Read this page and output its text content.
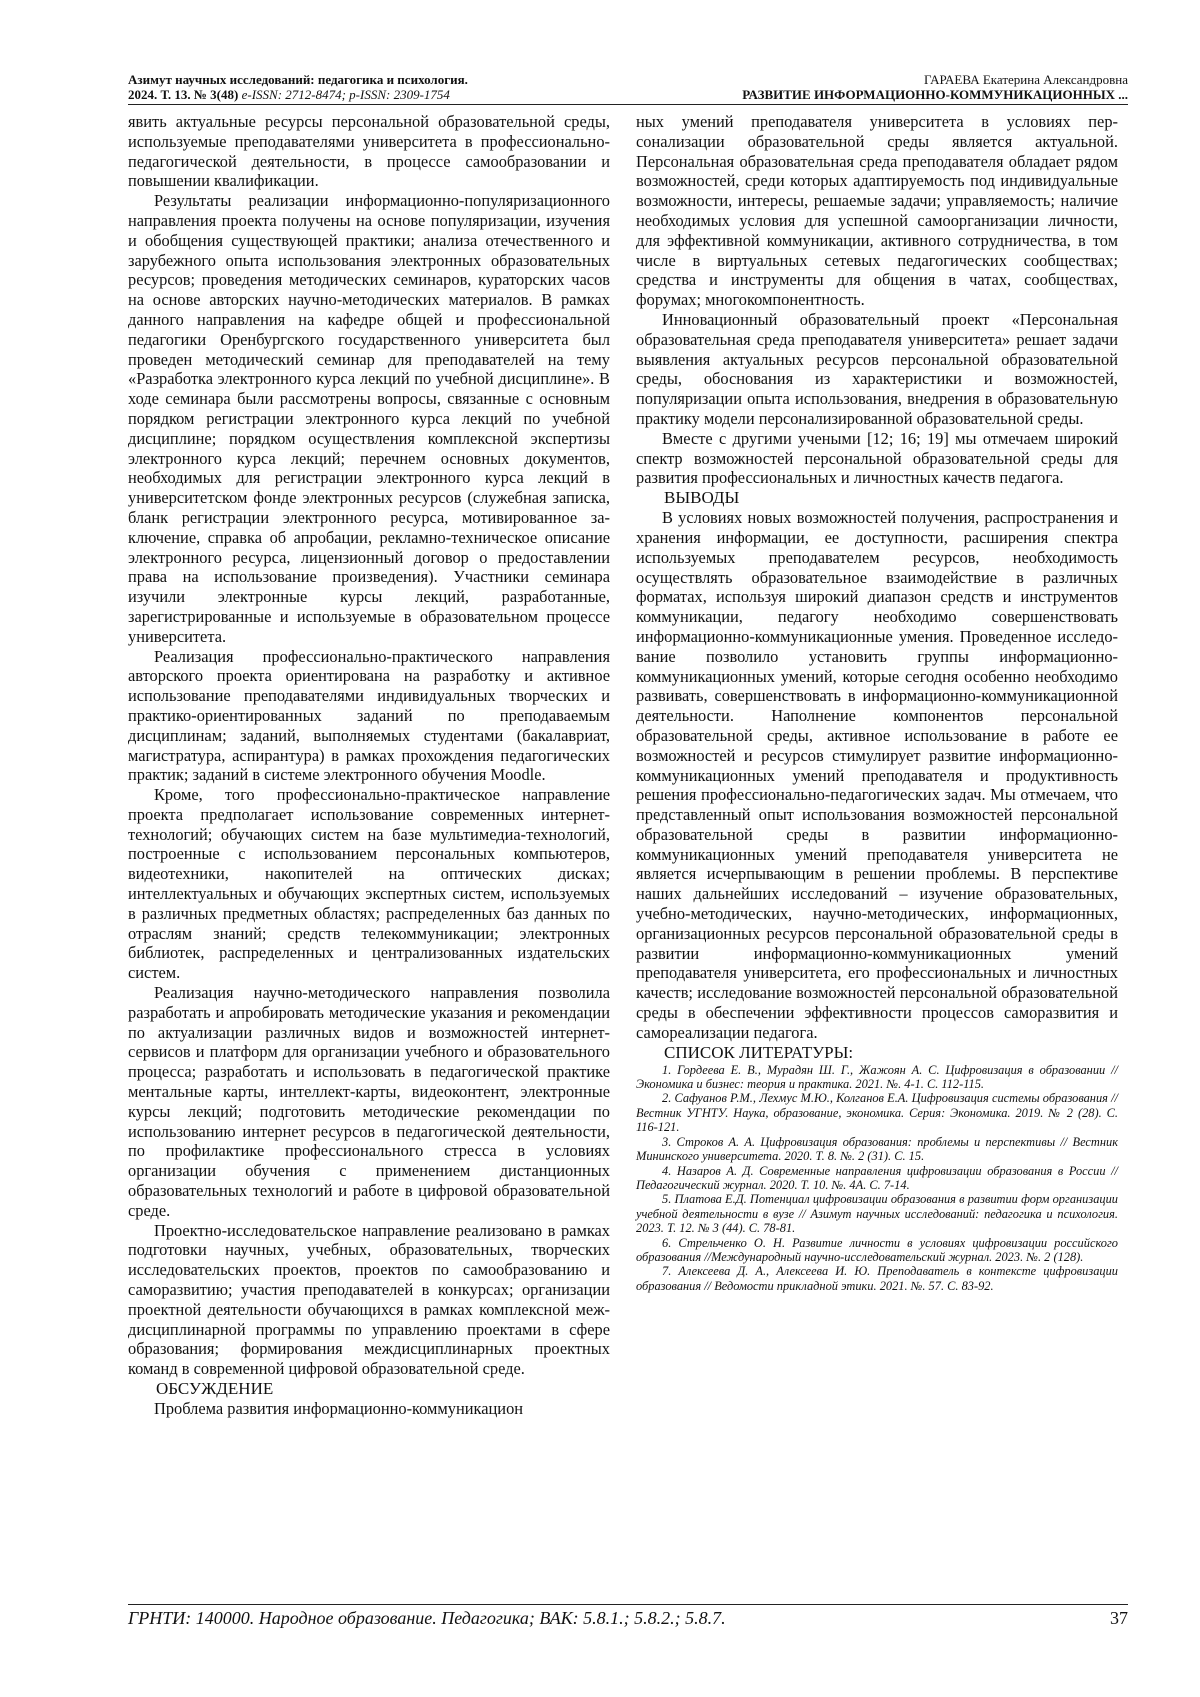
Азимут научных исследований: педагогика и психология.
2024. Т. 13. № 3(48) e-ISSN: 2712-8474; p-ISSN: 2309-1754
ГАРАЕВА Екатерина Александровна
РАЗВИТИЕ ИНФОРМАЦИОННО-КОММУНИКАЦИОННЫХ ...

явить актуальные ресурсы персональной образовательной среды, используемые преподавателями университета в профессионально-педагогической деятельности, в процессе самообразовании и повышении квалификации.

Результаты реализации информационно-популяризационного направления проекта получены на основе популяризации, изучения и обобщения существующей практики; анализа отечественного и зарубежного опыта использования электронных образовательных ресурсов; проведения методических семинаров, кураторских часов на основе авторских научно-методических материалов. В рамках данного направления на кафедре общей и профессиональной педагогики Оренбургского государственного университета был проведен методический семинар для преподавателей на тему «Разработка электронного курса лекций по учебной дисциплине». В ходе семинара были рассмотрены вопросы, связанные с основным порядком регистрации электронного курса лекций по учебной дисциплине; порядком осуществления комплексной экспертизы электронного курса лекций; перечнем основных документов, необходимых для регистрации электронного курса лекций в университетском фонде электронных ресурсов (служебная записка, бланк регистрации электронного ресурса, мотивированное заключение, справка об апробации, рекламно-техническое описание электронного ресурса, лицензионный договор о предоставлении права на использование произведения). Участники семинара изучили электронные курсы лекций, разработанные, зарегистрированные и используемые в образовательном процессе университета.

Реализация профессионально-практического направления авторского проекта ориентирована на разработку и активное использование преподавателями индивидуальных творческих и практико-ориентированных заданий по преподаваемым дисциплинам; заданий, выполняемых студентами (бакалавриат, магистратура, аспирантура) в рамках прохождения педагогических практик; заданий в системе электронного обучения Moodle.

Кроме, того профессионально-практическое направление проекта предполагает использование современных интернет-технологий; обучающих систем на базе мультимедиа-технологий, построенные с использованием персональных компьютеров, видеотехники, накопителей на оптических дисках; интеллектуальных и обучающих экспертных систем, используемых в различных предметных областях; распределенных баз данных по отраслям знаний; средств телекоммуникации; электронных библиотек, распределенных и централизованных издательских систем.

Реализация научно-методического направления позволила разработать и апробировать методические указания и рекомендации по актуализации различных видов и возможностей интернет-сервисов и платформ для организации учебного и образовательного процесса; разработать и использовать в педагогической практике ментальные карты, интеллект-карты, видеоконтент, электронные курсы лекций; подготовить методические рекомендации по использованию интернет ресурсов в педагогической деятельности, по профилактике профессионального стресса в условиях организации обучения с применением дистанционных образовательных технологий и работе в цифровой образовательной среде.

Проектно-исследовательское направление реализовано в рамках подготовки научных, учебных, образовательных, творческих исследовательских проектов, проектов по самообразованию и саморазвитию; участия преподавателей в конкурсах; организации проектной деятельности обучающихся в рамках комплексной междисциплинарной программы по управлению проектами в сфере образования; формирования междисциплинарных проектных команд в современной цифровой образовательной среде.

ОБСУЖДЕНИЕ

Проблема развития информационно-коммуникацион

ных умений преподавателя университета в условиях персонализации образовательной среды является актуальной. Персональная образовательная среда преподавателя обладает рядом возможностей, среди которых адаптируемость под индивидуальные возможности, интересы, решаемые задачи; управляемость; наличие необходимых условия для успешной самоорганизации личности, для эффективной коммуникации, активного сотрудничества, в том числе в виртуальных сетевых педагогических сообществах; средства и инструменты для общения в чатах, сообществах, форумах; многокомпонентность.

Инновационный образовательный проект «Персональная образовательная среда преподавателя университета» решает задачи выявления актуальных ресурсов персональной образовательной среды, обоснования из характеристики и возможностей, популяризации опыта использования, внедрения в образовательную практику модели персонализированной образовательной среды.

Вместе с другими учеными [12; 16; 19] мы отмечаем широкий спектр возможностей персональной образовательной среды для развития профессиональных и личностных качеств педагога.

ВЫВОДЫ

В условиях новых возможностей получения, распространения и хранения информации, ее доступности, расширения спектра используемых преподавателем ресурсов, необходимость осуществлять образовательное взаимодействие в различных форматах, используя широкий диапазон средств и инструментов коммуникации, педагогу необходимо совершенствовать информационно-коммуникационные умения. Проведенное исследование позволило установить группы информационно-коммуникационных умений, которые сегодня особенно необходимо развивать, совершенствовать в информационно-коммуникационной деятельности. Наполнение компонентов персональной образовательной среды, активное использование в работе ее возможностей и ресурсов стимулирует развитие информационно-коммуникационных умений преподавателя и продуктивность решения профессионально-педагогических задач. Мы отмечаем, что представленный опыт использования возможностей персональной образовательной среды в развитии информационно-коммуникационных умений преподавателя университета не является исчерпывающим в решении проблемы. В перспективе наших дальнейших исследований – изучение образовательных, учебно-методических, научно-методических, информационных, организационных ресурсов персональной образовательной среды в развитии информационно-коммуникационных умений преподавателя университета, его профессиональных и личностных качеств; исследование возможностей персональной образовательной среды в обеспечении эффективности процессов саморазвития и самореализации педагога.

СПИСОК ЛИТЕРАТУРЫ:

1. Гордеева Е. В., Мурадян Ш. Г., Жажоян А. С. Цифровизация в образовании // Экономика и бизнес: теория и практика. 2021. №. 4-1. С. 112-115.

2. Сафуанов Р.М., Лехмус М.Ю., Колганов Е.А. Цифровизация системы образования // Вестник УГНТУ. Наука, образование, экономика. Серия: Экономика. 2019. № 2 (28). С. 116-121.

3. Строков А. А. Цифровизация образования: проблемы и перспективы // Вестник Мининского университета. 2020. Т. 8. №. 2 (31). С. 15.

4. Назаров А. Д. Современные направления цифровизации образования в России // Педагогический журнал. 2020. Т. 10. №. 4А. С. 7-14.

5. Платова Е.Д. Потенциал цифровизации образования в развитии форм организации учебной деятельности в вузе // Азимут научных исследований: педагогика и психология. 2023. Т. 12. № 3 (44). С. 78-81.

6. Стрельченко О. Н. Развитие личности в условиях цифровизации российского образования //Международный научно-исследовательский журнал. 2023. №. 2 (128).

7. Алексеева Д. А., Алексеева И. Ю. Преподаватель в контексте цифровизации образования // Ведомости прикладной этики. 2021. №. 57. С. 83-92.

ГРНТИ: 140000. Народное образование. Педагогика; ВАК: 5.8.1.; 5.8.2.; 5.8.7.	37
